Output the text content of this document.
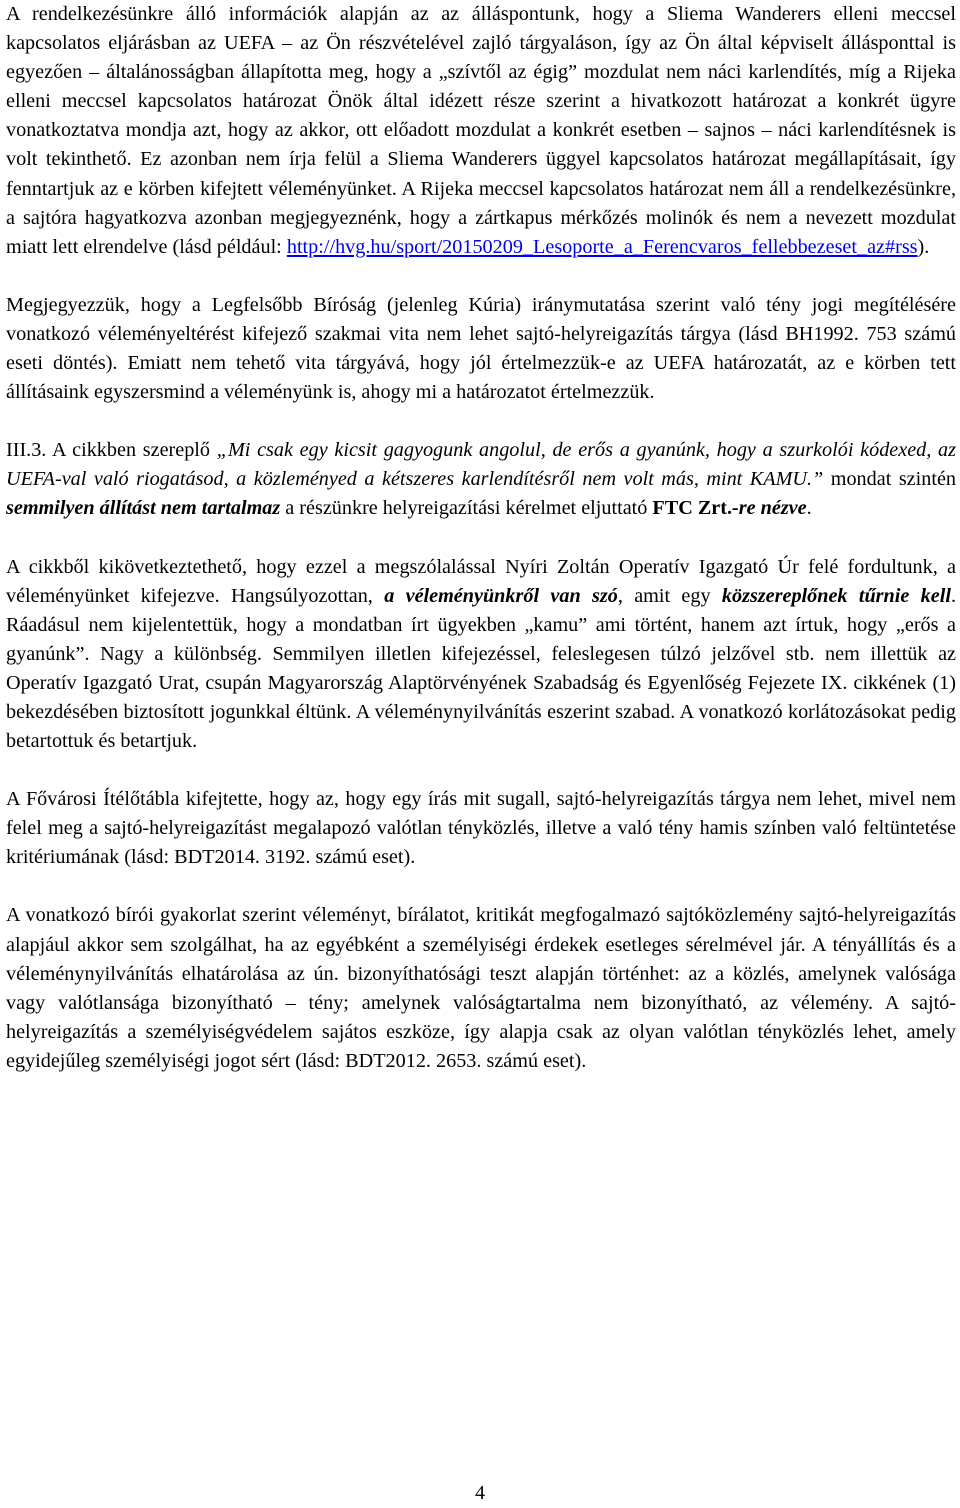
A rendelkezésünkre álló információk alapján az az álláspontunk, hogy a Sliema Wanderers elleni meccsel kapcsolatos eljárásban az UEFA – az Ön részvételével zajló tárgyaláson, így az Ön által képviselt állásponttal is egyezően – általánosságban állapította meg, hogy a „szívtől az égig” mozdulat nem náci karlendítés, míg a Rijeka elleni meccsel kapcsolatos határozat Önök által idézett része szerint a hivatkozott határozat a konkrét ügyre vonatkoztatva mondja azt, hogy az akkor, ott előadott mozdulat a konkrét esetben – sajnos – náci karlendítésnek is volt tekinthető. Ez azonban nem írja felül a Sliema Wanderers üggyel kapcsolatos határozat megállapításait, így fenntartjuk az e körben kifejtett véleményünket. A Rijeka meccsel kapcsolatos határozat nem áll a rendelkezésünkre, a sajtóra hagyatkozva azonban megjegyeznénk, hogy a zártkapus mérkőzés molinók és nem a nevezett mozdulat miatt lett elrendelve (lásd például: http://hvg.hu/sport/20150209_Lesoporte_a_Ferencvaros_fellebbezeset_az#rss).

Megjegyezzük, hogy a Legfelsőbb Bíróság (jelenleg Kúria) iránymutatása szerint való tény jogi megítélésére vonatkozó véleményeltérést kifejező szakmai vita nem lehet sajtó-helyreigazítás tárgya (lásd BH1992. 753 számú eseti döntés). Emiatt nem tehető vita tárgyává, hogy jól értelmezzük-e az UEFA határozatát, az e körben tett állításaink egyszersmind a véleményünk is, ahogy mi a határozatot értelmezzük.

III.3. A cikkben szereplő „Mi csak egy kicsit gagyogunk angolul, de erős a gyanúnk, hogy a szurkolói kódexed, az UEFA-val való riogatásod, a közleményed a kétszeres karlendítésről nem volt más, mint KAMU.” mondat szintén semmilyen állítást nem tartalmaz a részünkre helyreigazítási kérelmet eljuttató FTC Zrt.-re nézve.

A cikkből kikövetkeztethető, hogy ezzel a megszólalással Nyíri Zoltán Operatív Igazgató Úr felé fordultunk, a véleményünket kifejezve. Hangsúlyozottan, a véleményünkről van szó, amit egy közszereplőnek tűrnie kell. Ráadásul nem kijelentettük, hogy a mondatban írt ügyekben „kamu” ami történt, hanem azt írtuk, hogy „erős a gyanúnk”. Nagy a különbség. Semmilyen illetlen kifejezéssel, feleslegesen túlzó jelzővel stb. nem illettük az Operatív Igazgató Urat, csupán Magyarország Alaptörvényének Szabadság és Egyenlőség Fejezete IX. cikkének (1) bekezdésében biztosított jogunkkal éltünk. A véleménynyilvánítás eszerint szabad. A vonatkozó korlátozásokat pedig betartottuk és betartjuk.

A Fővárosi Ítélőtábla kifejtette, hogy az, hogy egy írás mit sugall, sajtó-helyreigazítás tárgya nem lehet, mivel nem felel meg a sajtó-helyreigazítást megalapozó valótlan tényközlés, illetve a való tény hamis színben való feltüntetése kritériumának (lásd: BDT2014. 3192. számú eset).

A vonatkozó bírói gyakorlat szerint véleményt, bírálatot, kritikát megfogalmazó sajtóközlemény sajtó-helyreigazítás alapjául akkor sem szolgálhat, ha az egyébként a személyiségi érdekek esetleges sérelmével jár. A tényállítás és a véleménynyilvánítás elhatárolása az ún. bizonyíthatósági teszt alapján történhet: az a közlés, amelynek valósága vagy valótlansága bizonyítható – tény; amelynek valóságtartalma nem bizonyítható, az vélemény. A sajtó-helyreigazítás a személyiségvédelem sajátos eszköze, így alapja csak az olyan valótlan tényközlés lehet, amely egyidejűleg személyiségi jogot sért (lásd: BDT2012. 2653. számú eset).

4
